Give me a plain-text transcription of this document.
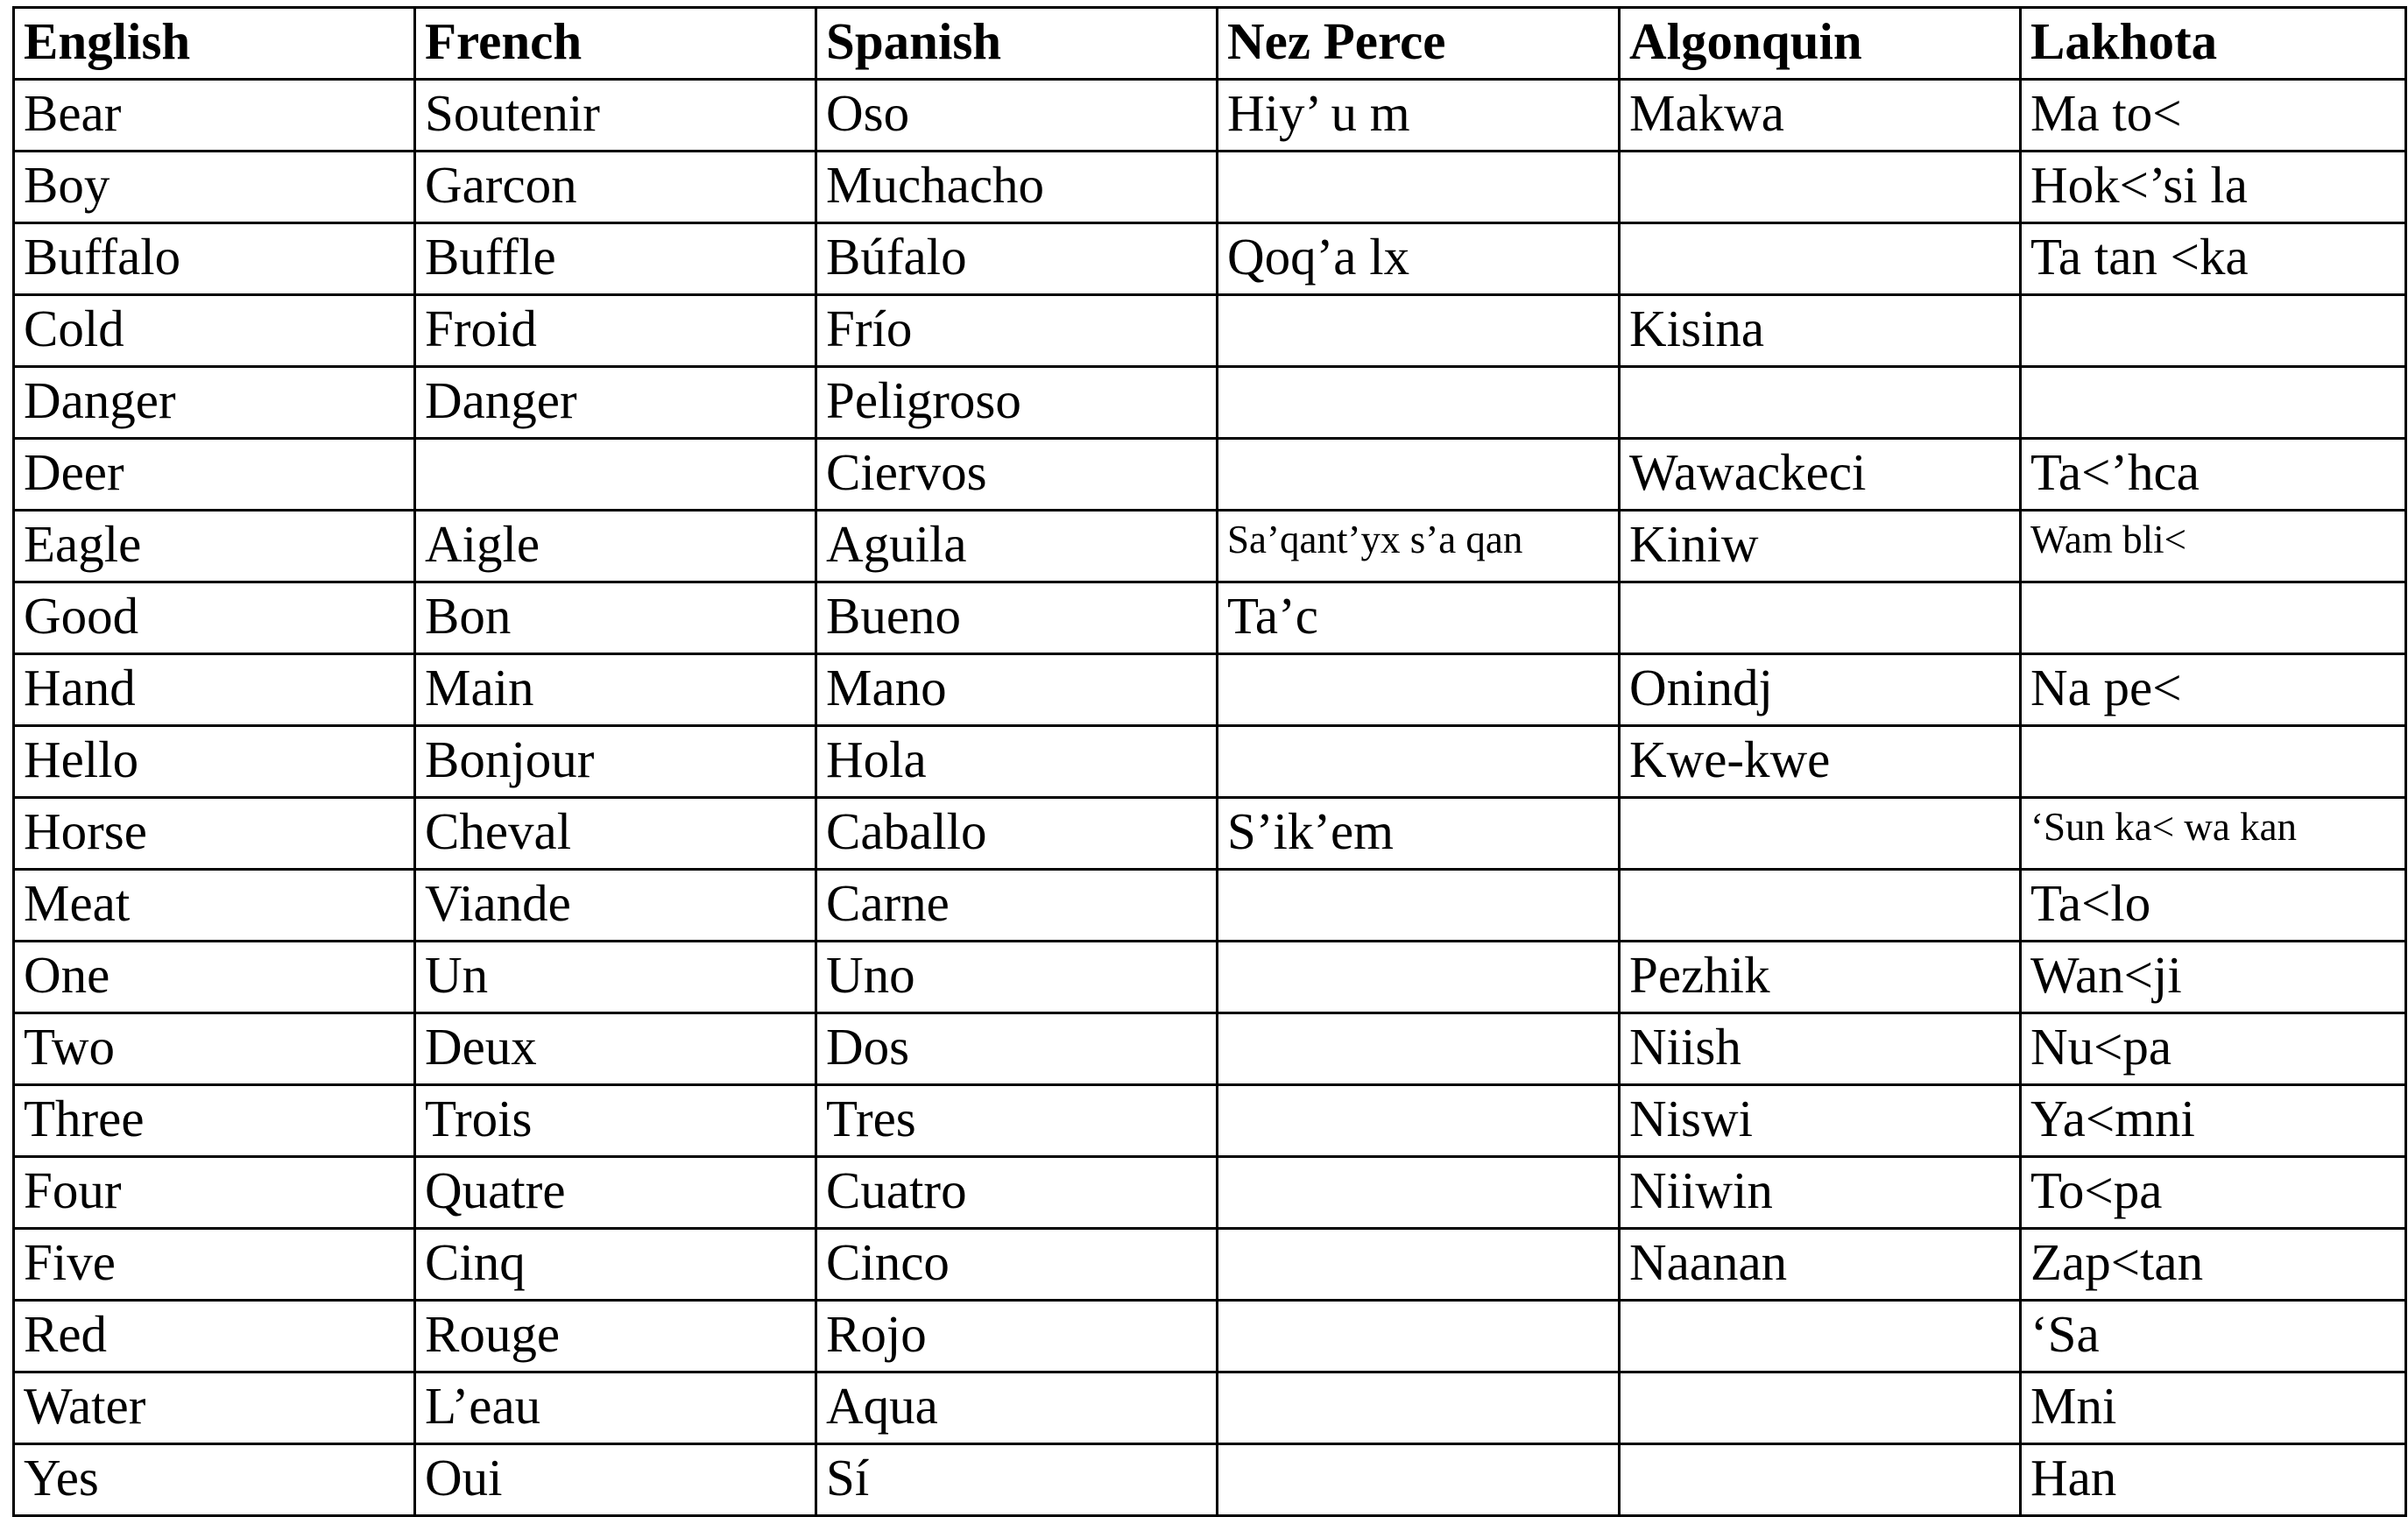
English	French	Spanish	Nez Perce	Algonquin	Lakhota
Bear	Soutenir	Oso	Hiy’ u m	Makwa	Ma to<
Boy	Garcon	Muchacho			Hok<’si la
Buffalo	Buffle	Búfalo	Qoq’a lx		Ta tan <ka
Cold	Froid	Frío		Kisina	
Danger	Danger	Peligroso			
Deer		Ciervos		Wawackeci	Ta<’hca
Eagle	Aigle	Aguila	Sa’qant’yx s’a qan	Kiniw	Wam bli<
Good	Bon	Bueno	Ta’c		
Hand	Main	Mano		Onindj	Na pe<
Hello	Bonjour	Hola		Kwe-kwe	
Horse	Cheval	Caballo	S’ik’em		‘Sun ka< wa kan
Meat	Viande	Carne			Ta<lo
One	Un	Uno		Pezhik	Wan<ji
Two	Deux	Dos		Niish	Nu<pa
Three	Trois	Tres		Niswi	Ya<mni
Four	Quatre	Cuatro		Niiwin	To<pa
Five	Cinq	Cinco		Naanan	Zap<tan
Red	Rouge	Rojo			‘Sa
Water	L’eau	Aqua			Mni
Yes	Oui	Sí			Han
